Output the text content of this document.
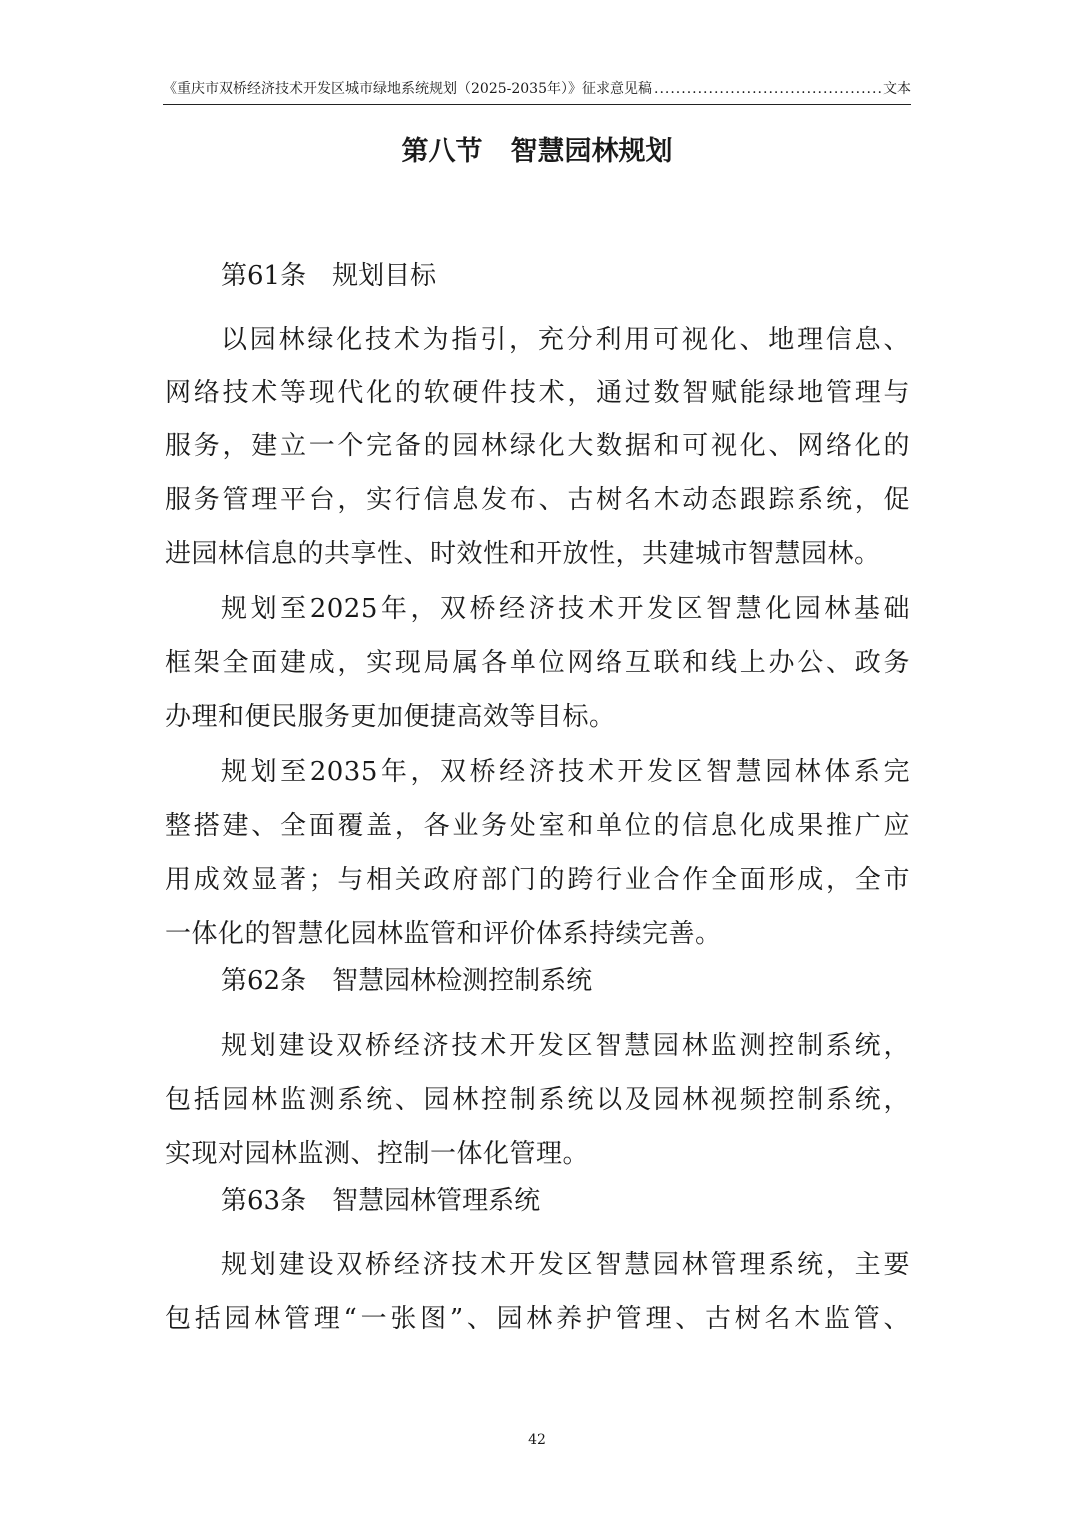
《重庆市双桥经济技术开发区城市绿地系统规划（2025-2035年）》征求意见稿
.....	文本
第八节 智慧园林规划
第61条 规划目标
以园林绿化技术为指引，充分利用可视化、地理信息、
网络技术等现代化的软硬件技术，通过数智赋能绿地管理与
服务，建立一个完备的园林绿化大数据和可视化、网络化的
服务管理平台，实行信息发布、古树名木动态跟踪系统，促
进园林信息的共享性、时效性和开放性，共建城市智慧园林。
规划至2025年，双桥经济技术开发区智慧化园林基础
框架全面建成，实现局属各单位网络互联和线上办公、政务
办理和便民服务更加便捷高效等目标。
规划至2035年，双桥经济技术开发区智慧园林体系完
整搭建、全面覆盖，各业务处室和单位的信息化成果推广应
用成效显著；与相关政府部门的跨行业合作全面形成，全市
一体化的智慧化园林监管和评价体系持续完善。
第62条 智慧园林检测控制系统
规划建设双桥经济技术开发区智慧园林监测控制系统，
包括园林监测系统、园林控制系统以及园林视频控制系统，
实现对园林监测、控制一体化管理。
第63条 智慧园林管理系统
规划建设双桥经济技术开发区智慧园林管理系统，主要
包括园林管理“一张图”、园林养护管理、古树名木监管、
42
